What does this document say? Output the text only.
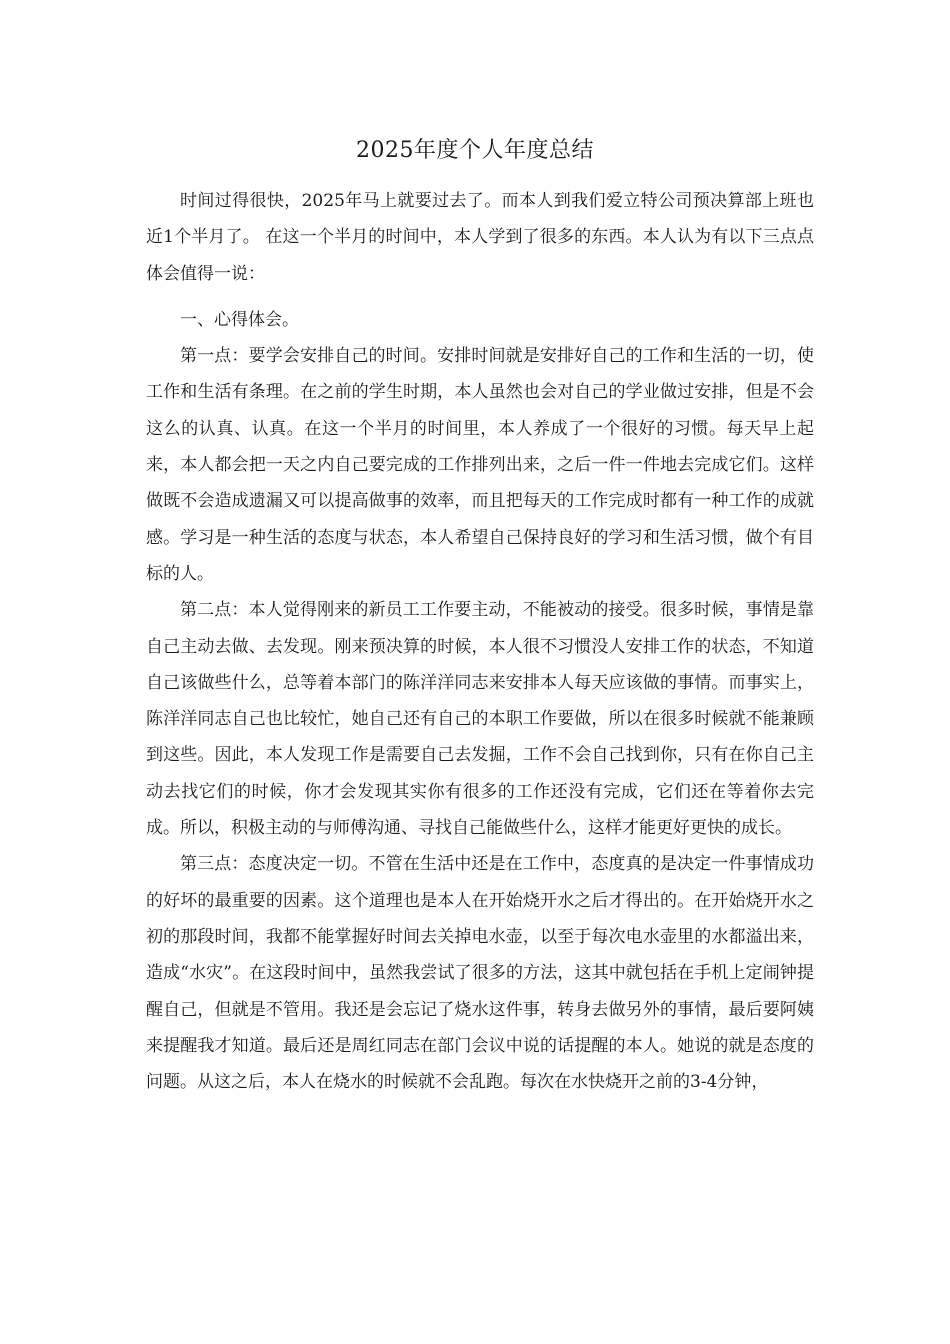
2025年度个人年度总结

时间过得很快，2025年马上就要过去了。而本人到我们爱立特公司预决算部上班也近1个半月了。 在这一个半月的时间中，本人学到了很多的东西。本人认为有以下三点点体会值得一说：

一、心得体会。

第一点：要学会安排自己的时间。安排时间就是安排好自己的工作和生活的一切，使工作和生活有条理。在之前的学生时期，本人虽然也会对自己的学业做过安排，但是不会这么的认真、认真。在这一个半月的时间里，本人养成了一个很好的习惯。每天早上起来，本人都会把一天之内自己要完成的工作排列出来，之后一件一件地去完成它们。这样做既不会造成遗漏又可以提高做事的效率，而且把每天的工作完成时都有一种工作的成就感。学习是一种生活的态度与状态，本人希望自己保持良好的学习和生活习惯，做个有目标的人。

第二点：本人觉得刚来的新员工工作要主动，不能被动的接受。很多时候，事情是靠自己主动去做、去发现。刚来预决算的时候，本人很不习惯没人安排工作的状态，不知道自己该做些什么，总等着本部门的陈洋洋同志来安排本人每天应该做的事情。而事实上，陈洋洋同志自己也比较忙，她自己还有自己的本职工作要做，所以在很多时候就不能兼顾到这些。因此，本人发现工作是需要自己去发掘，工作不会自己找到你，只有在你自己主动去找它们的时候，你才会发现其实你有很多的工作还没有完成，它们还在等着你去完成。所以，积极主动的与师傅沟通、寻找自己能做些什么，这样才能更好更快的成长。

第三点：态度决定一切。不管在生活中还是在工作中，态度真的是决定一件事情成功的好坏的最重要的因素。这个道理也是本人在开始烧开水之后才得出的。在开始烧开水之初的那段时间，我都不能掌握好时间去关掉电水壶，以至于每次电水壶里的水都溢出来，造成“水灾”。在这段时间中，虽然我尝试了很多的方法，这其中就包括在手机上定闹钟提醒自己，但就是不管用。我还是会忘记了烧水这件事，转身去做另外的事情，最后要阿姨来提醒我才知道。最后还是周红同志在部门会议中说的话提醒的本人。她说的就是态度的问题。从这之后，本人在烧水的时候就不会乱跑。每次在水快烧开之前的3-4分钟，
